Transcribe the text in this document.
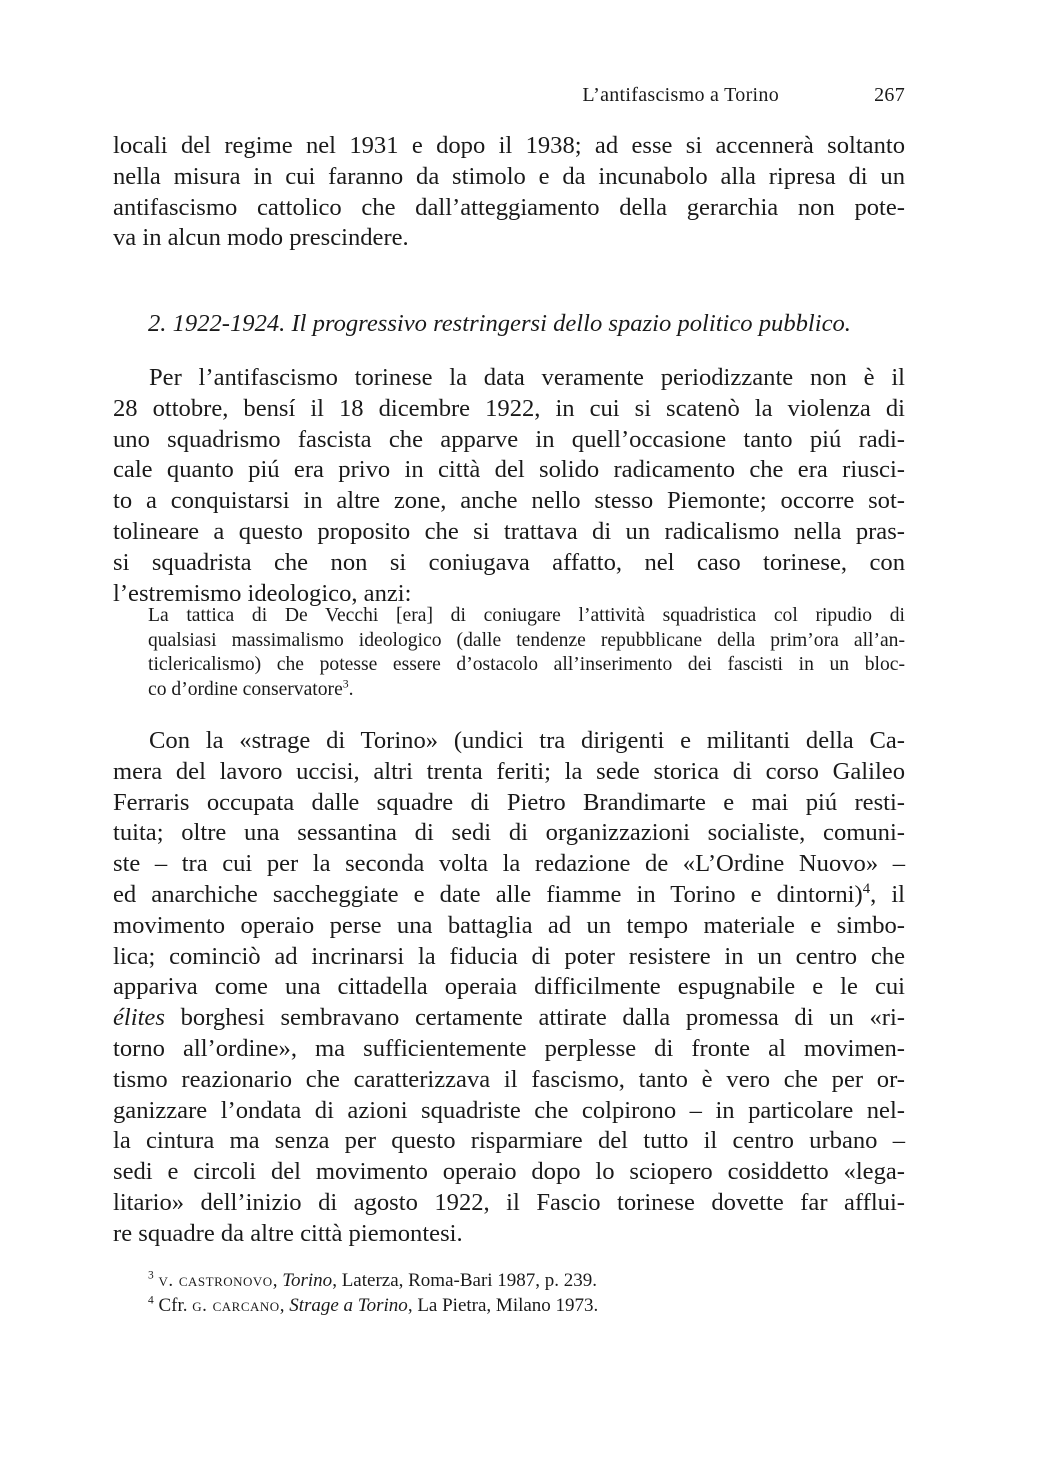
L’antifascismo a Torino	267
locali del regime nel 1931 e dopo il 1938; ad esse si accennerà soltanto
nella misura in cui faranno da stimolo e da incunabolo alla ripresa di un
antifascismo cattolico che dall’atteggiamento della gerarchia non pote-
va in alcun modo prescindere.
2. 1922-1924. Il progressivo restringersi dello spazio politico pubblico.
Per l’antifascismo torinese la data veramente periodizzante non è il
28 ottobre, bensí il 18 dicembre 1922, in cui si scatenò la violenza di
uno squadrismo fascista che apparve in quell’occasione tanto piú radi-
cale quanto piú era privo in città del solido radicamento che era riusci-
to a conquistarsi in altre zone, anche nello stesso Piemonte; occorre sot-
tolineare a questo proposito che si trattava di un radicalismo nella pras-
si squadrista che non si coniugava affatto, nel caso torinese, con
l’estremismo ideologico, anzi:
La tattica di De Vecchi [era] di coniugare l’attività squadristica col ripudio di
qualsiasi massimalismo ideologico (dalle tendenze repubblicane della prim’ora all’an-
ticlericalismo) che potesse essere d’ostacolo all’inserimento dei fascisti in un bloc-
co d’ordine conservatore$^3$.
Con la «strage di Torino» (undici tra dirigenti e militanti della Ca-
mera del lavoro uccisi, altri trenta feriti; la sede storica di corso Galileo
Ferraris occupata dalle squadre di Pietro Brandimarte e mai piú resti-
tuita; oltre una sessantina di sedi di organizzazioni socialiste, comuni-
ste – tra cui per la seconda volta la redazione de «L’Ordine Nuovo» –
ed anarchiche saccheggiate e date alle fiamme in Torino e dintorni)$^4$, il
movimento operaio perse una battaglia ad un tempo materiale e simbo-
lica; cominciò ad incrinarsi la fiducia di poter resistere in un centro che
appariva come una cittadella operaia difficilmente espugnabile e le cui
élites borghesi sembravano certamente attirate dalla promessa di un «ri-
torno all’ordine», ma sufficientemente perplesse di fronte al movimen-
tismo reazionario che caratterizzava il fascismo, tanto è vero che per or-
ganizzare l’ondata di azioni squadriste che colpirono – in particolare nel-
la cintura ma senza per questo risparmiare del tutto il centro urbano –
sedi e circoli del movimento operaio dopo lo sciopero cosiddetto «lega-
litario» dell’inizio di agosto 1922, il Fascio torinese dovette far afflui-
re squadre da altre città piemontesi.
$^3$ v. castronovo, Torino, Laterza, Roma-Bari 1987, p. 239.
$^4$ Cfr. g. carcano, Strage a Torino, La Pietra, Milano 1973.
